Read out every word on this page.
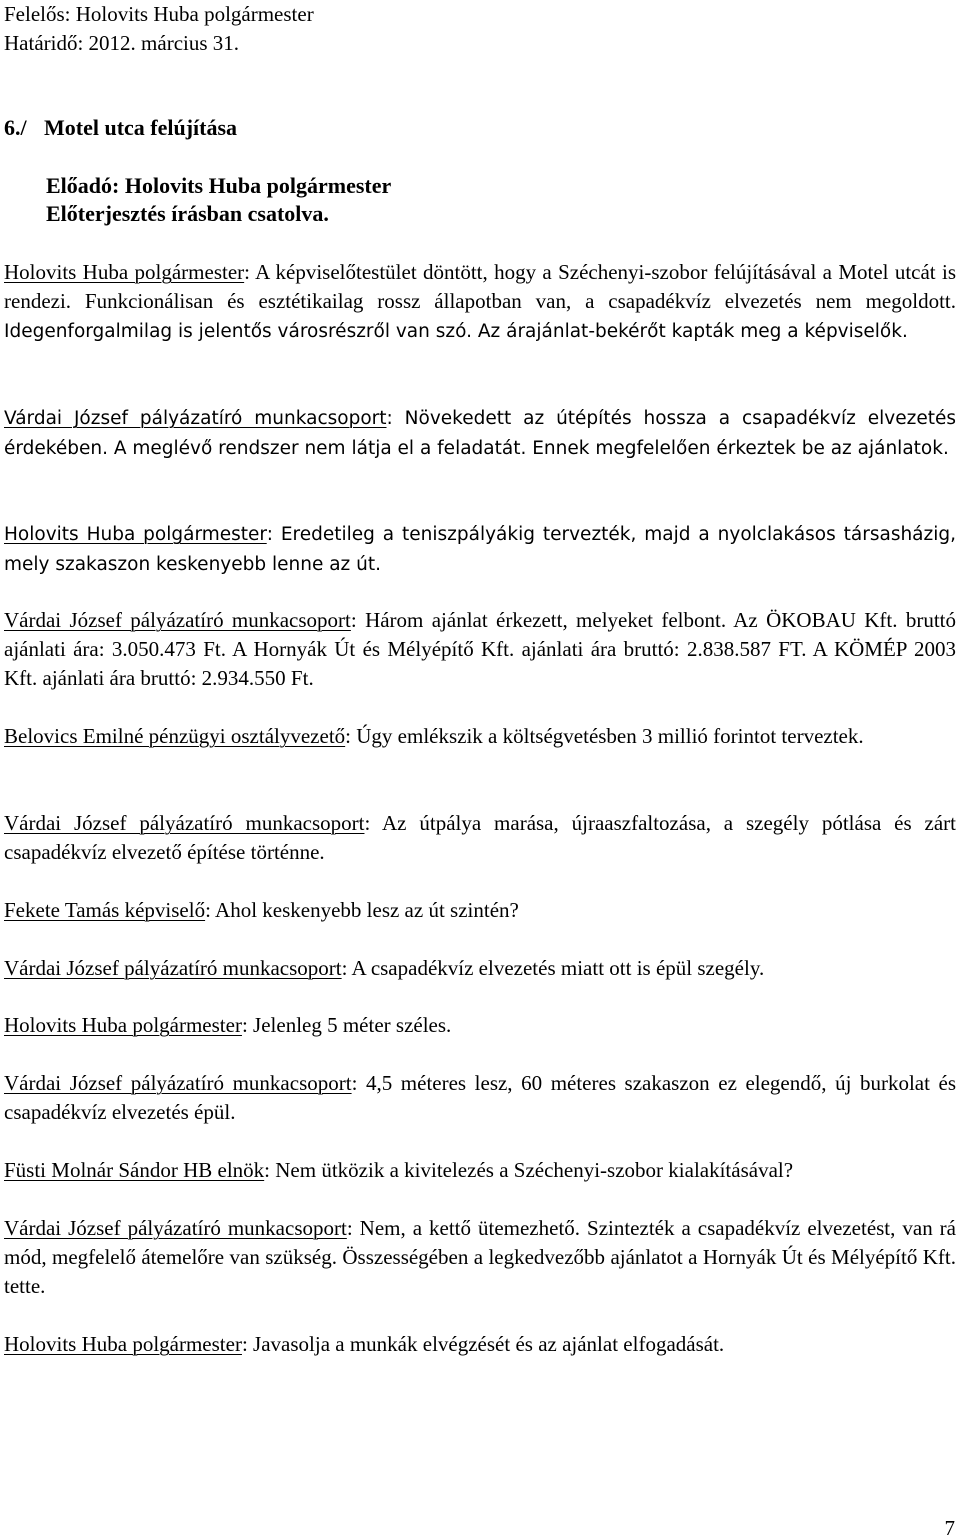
Felelős: Holovits Huba polgármester
Határidő: 2012. március 31.
6./ Motel utca felújítása
Előadó: Holovits Huba polgármester
Előterjesztés írásban csatolva.
Holovits Huba polgármester: A képviselőtestület döntött, hogy a Széchenyi-szobor felújításával a Motel utcát is rendezi. Funkcionálisan és esztétikailag rossz állapotban van, a csapadékvíz elvezetés nem megoldott. Idegenforgalmilag is jelentős városrészről van szó. Az árajánlat-bekérőt kapták meg a képviselők.
Várdai József pályázatíró munkacsoport: Növekedett az útépítés hossza a csapadékvíz elvezetés érdekében. A meglévő rendszer nem látja el a feladatát. Ennek megfelelően érkeztek be az ajánlatok.
Holovits Huba polgármester: Eredetileg a teniszpályákig tervezték, majd a nyolclakásos társasházig, mely szakaszon keskenyebb lenne az út.
Várdai József pályázatíró munkacsoport: Három ajánlat érkezett, melyeket felbont. Az ÖKOBAU Kft. bruttó ajánlati ára: 3.050.473 Ft. A Hornyák Út és Mélyépítő Kft. ajánlati ára bruttó: 2.838.587 FT. A KÖMÉP 2003 Kft. ajánlati ára bruttó: 2.934.550 Ft.
Belovics Emilné pénzügyi osztályvezető: Úgy emlékszik a költségvetésben 3 millió forintot terveztek.
Várdai József pályázatíró munkacsoport: Az útpálya marása, újraaszfaltozása, a szegély pótlása és zárt csapadékvíz elvezető építése történne.
Fekete Tamás képviselő: Ahol keskenyebb lesz az út szintén?
Várdai József pályázatíró munkacsoport: A csapadékvíz elvezetés miatt ott is épül szegély.
Holovits Huba polgármester: Jelenleg 5 méter széles.
Várdai József pályázatíró munkacsoport: 4,5 méteres lesz, 60 méteres szakaszon ez elegendő, új burkolat és csapadékvíz elvezetés épül.
Füsti Molnár Sándor HB elnök: Nem ütközik a kivitelezés a Széchenyi-szobor kialakításával?
Várdai József pályázatíró munkacsoport: Nem, a kettő ütemezhető. Szintezték a csapadékvíz elvezetést, van rá mód, megfelelő átemelőre van szükség. Összességében a legkedvezőbb ajánlatot a Hornyák Út és Mélyépítő Kft. tette.
Holovits Huba polgármester: Javasolja a munkák elvégzését és az ajánlat elfogadását.
7
